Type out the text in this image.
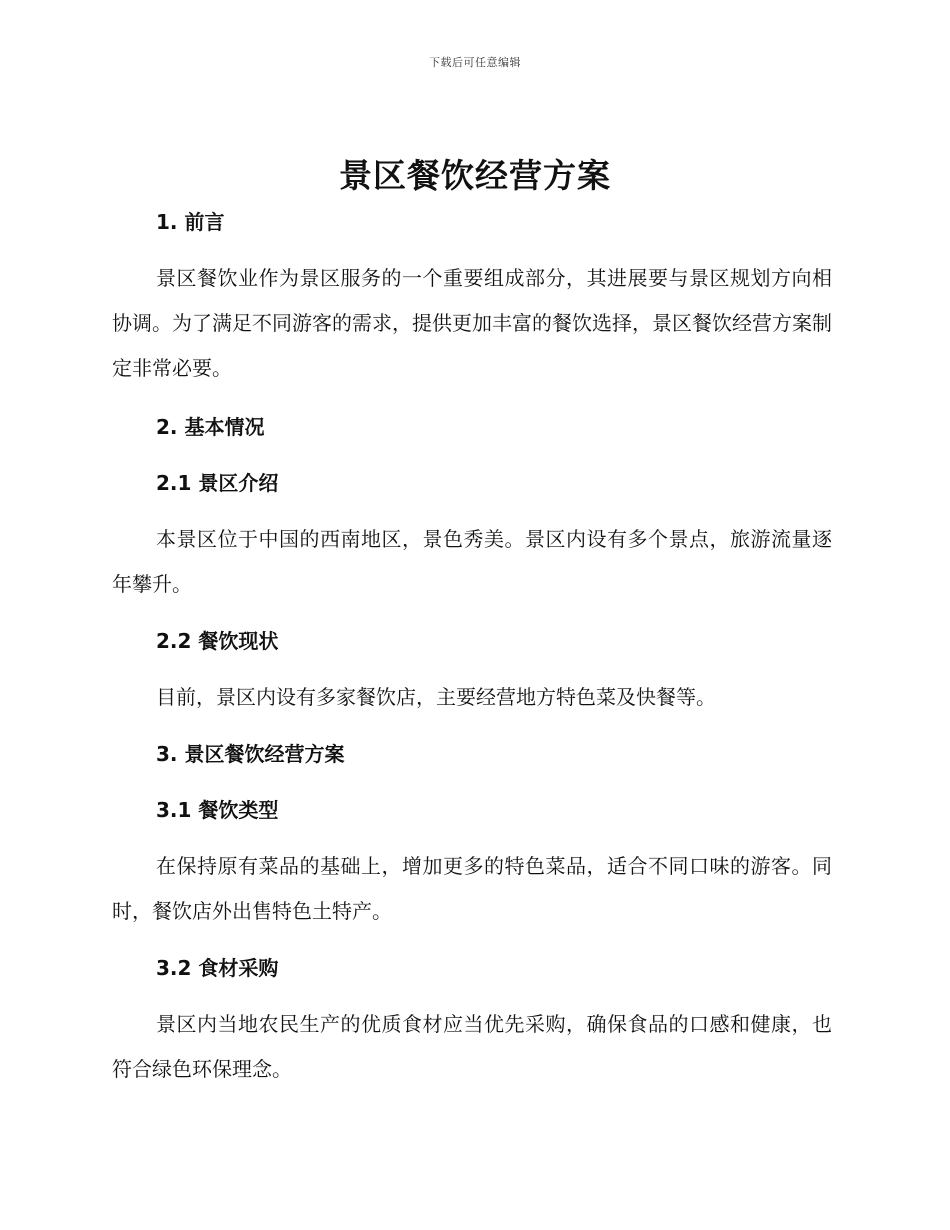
下载后可任意编辑
景区餐饮经营方案
1. 前言

景区餐饮业作为景区服务的一个重要组成部分，其进展要与景区规划方向相协调。为了满足不同游客的需求，提供更加丰富的餐饮选择，景区餐饮经营方案制定非常必要。

2. 基本情况
2.1 景区介绍

本景区位于中国的西南地区，景色秀美。景区内设有多个景点，旅游流量逐年攀升。

2.2 餐饮现状

目前，景区内设有多家餐饮店，主要经营地方特色菜及快餐等。

3. 景区餐饮经营方案
3.1 餐饮类型

在保持原有菜品的基础上，增加更多的特色菜品，适合不同口味的游客。同时，餐饮店外出售特色土特产。

3.2 食材采购

景区内当地农民生产的优质食材应当优先采购，确保食品的口感和健康，也符合绿色环保理念。
